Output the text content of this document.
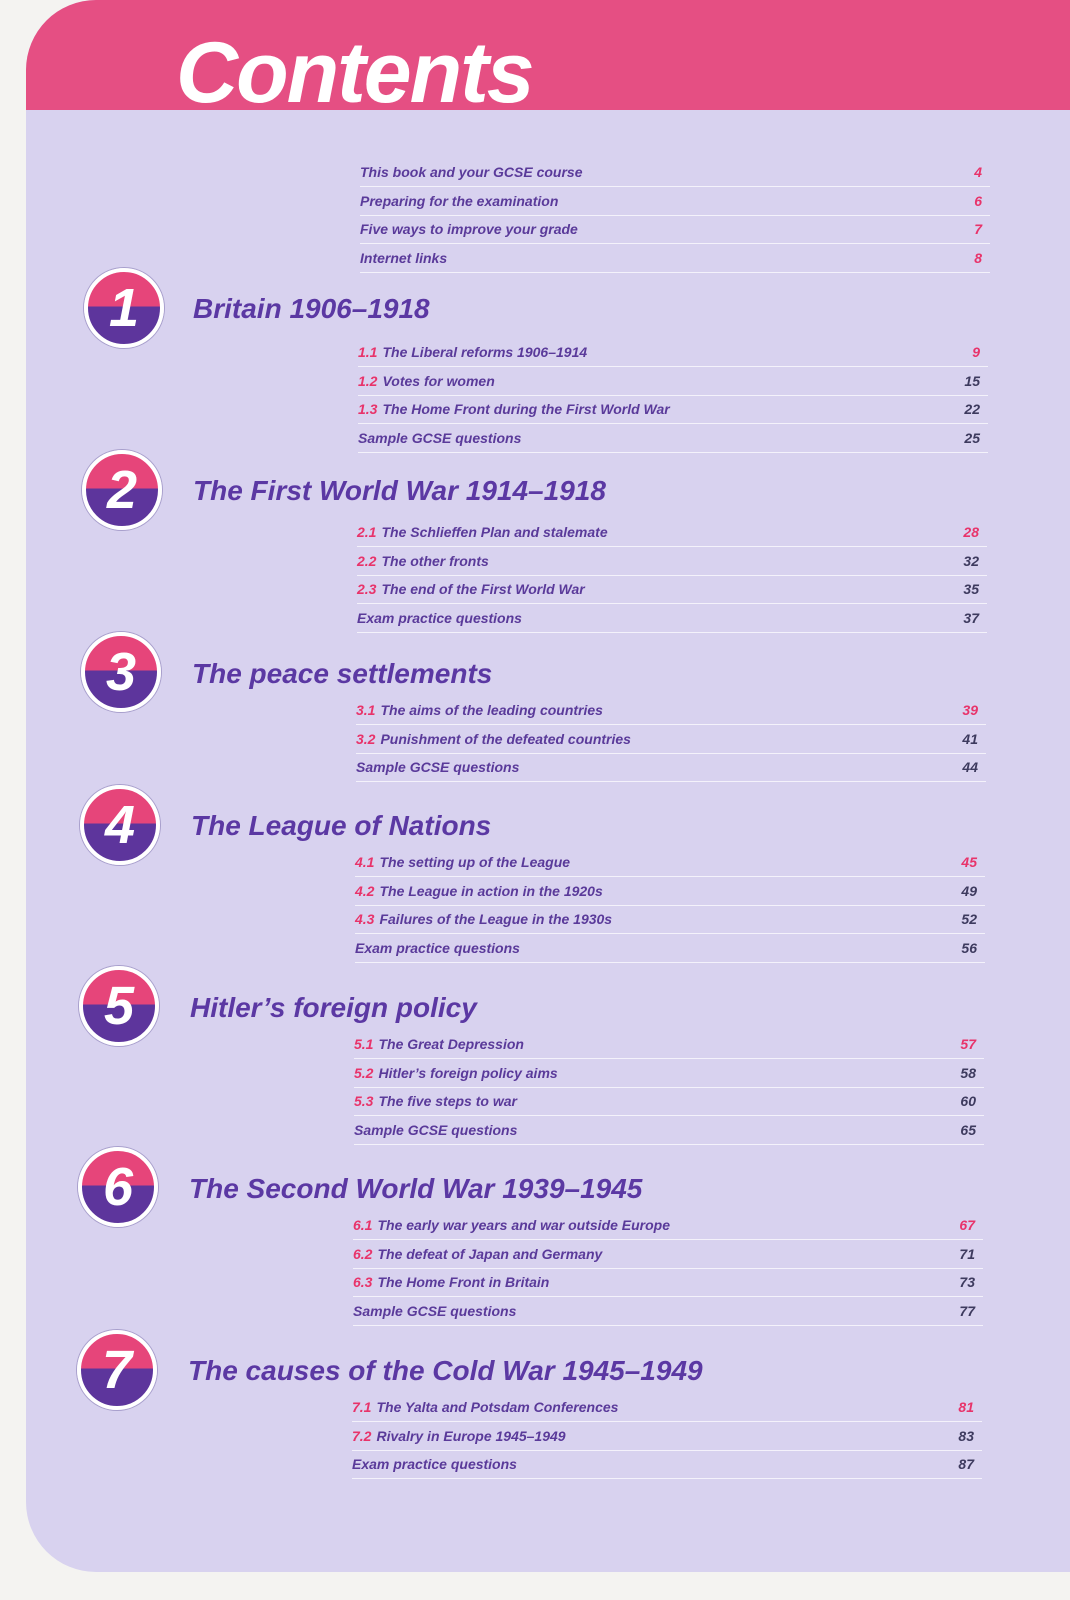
Contents
This book and your GCSE course	4
Preparing for the examination	6
Five ways to improve your grade	7
Internet links	8
1	Britain 1906–1918
1.1 The Liberal reforms 1906–1914	9
1.2 Votes for women	15
1.3 The Home Front during the First World War	22
Sample GCSE questions	25
2	The First World War 1914–1918
2.1 The Schlieffen Plan and stalemate	28
2.2 The other fronts	32
2.3 The end of the First World War	35
Exam practice questions	37
3	The peace settlements
3.1 The aims of the leading countries	39
3.2 Punishment of the defeated countries	41
Sample GCSE questions	44
4	The League of Nations
4.1 The setting up of the League	45
4.2 The League in action in the 1920s	49
4.3 Failures of the League in the 1930s	52
Exam practice questions	56
5	Hitler’s foreign policy
5.1 The Great Depression	57
5.2 Hitler’s foreign policy aims	58
5.3 The five steps to war	60
Sample GCSE questions	65
6	The Second World War 1939–1945
6.1 The early war years and war outside Europe	67
6.2 The defeat of Japan and Germany	71
6.3 The Home Front in Britain	73
Sample GCSE questions	77
7	The causes of the Cold War 1945–1949
7.1 The Yalta and Potsdam Conferences	81
7.2 Rivalry in Europe 1945–1949	83
Exam practice questions	87
